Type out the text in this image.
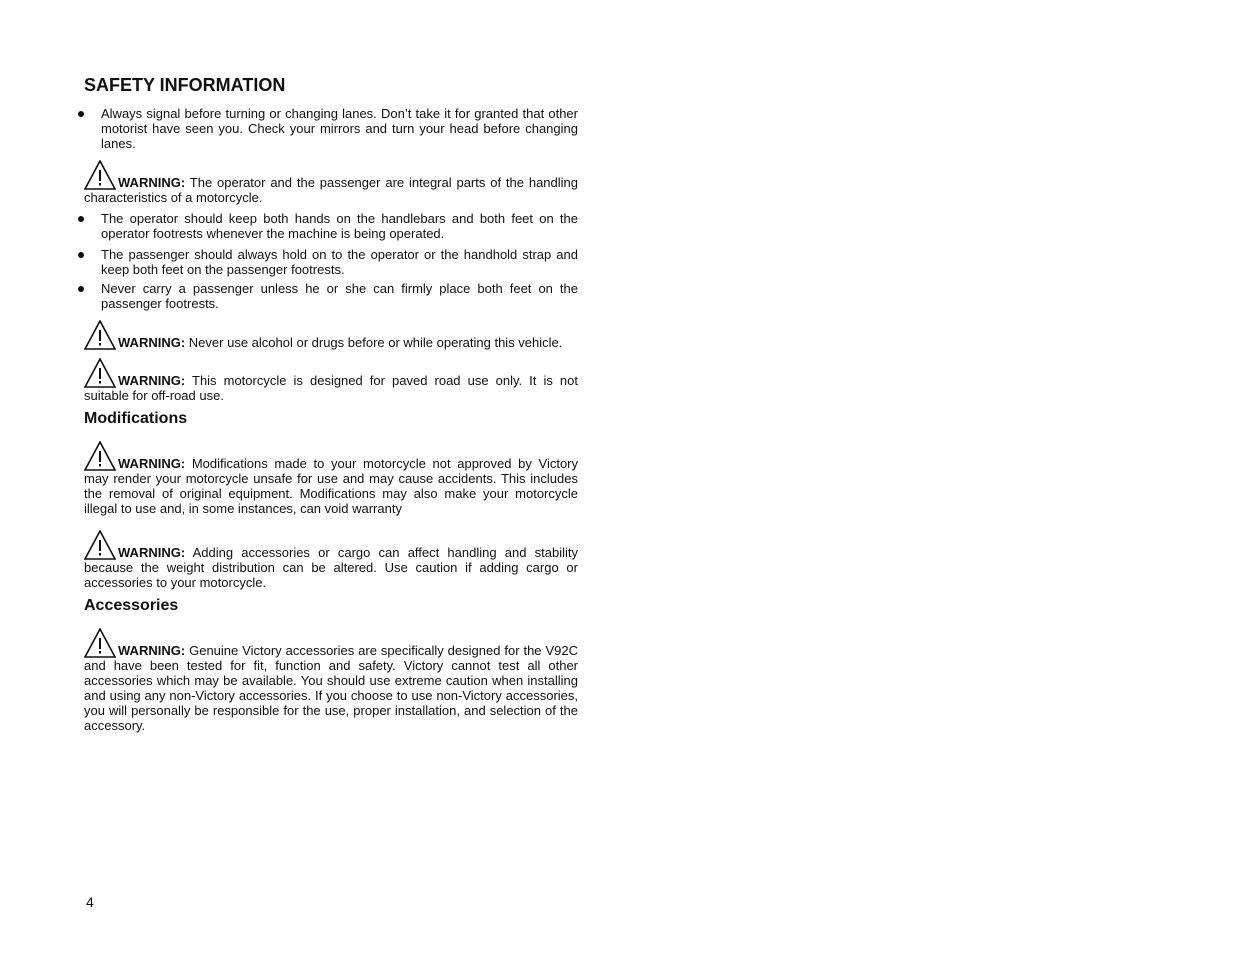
SAFETY INFORMATION

Always signal before turning or changing lanes. Don’t take it for granted that other motorist have seen you. Check your mirrors and turn your head before changing lanes.

WARNING: The operator and the passenger are integral parts of the handling characteristics of a motorcycle.

The operator should keep both hands on the handlebars and both feet on the operator footrests whenever the machine is being operated.

The passenger should always hold on to the operator or the handhold strap and keep both feet on the passenger footrests.

Never carry a passenger unless he or she can firmly place both feet on the passenger footrests.

WARNING: Never use alcohol or drugs before or while operating this vehicle.

WARNING: This motorcycle is designed for paved road use only. It is not suitable for off-road use.

Modifications

WARNING: Modifications made to your motorcycle not approved by Victory may render your motorcycle unsafe for use and may cause accidents. This includes the removal of original equipment. Modifications may also make your motorcycle illegal to use and, in some instances, can void warranty

WARNING: Adding accessories or cargo can affect handling and stability because the weight distribution can be altered. Use caution if adding cargo or accessories to your motorcycle.

Accessories

WARNING: Genuine Victory accessories are specifically designed for the V92C and have been tested for fit, function and safety. Victory cannot test all other accessories which may be available. You should use extreme caution when installing and using any non‑Victory accessories. If you choose to use non-Victory accessories, you will personally be responsible for the use, proper installation, and selection of the accessory.

4
